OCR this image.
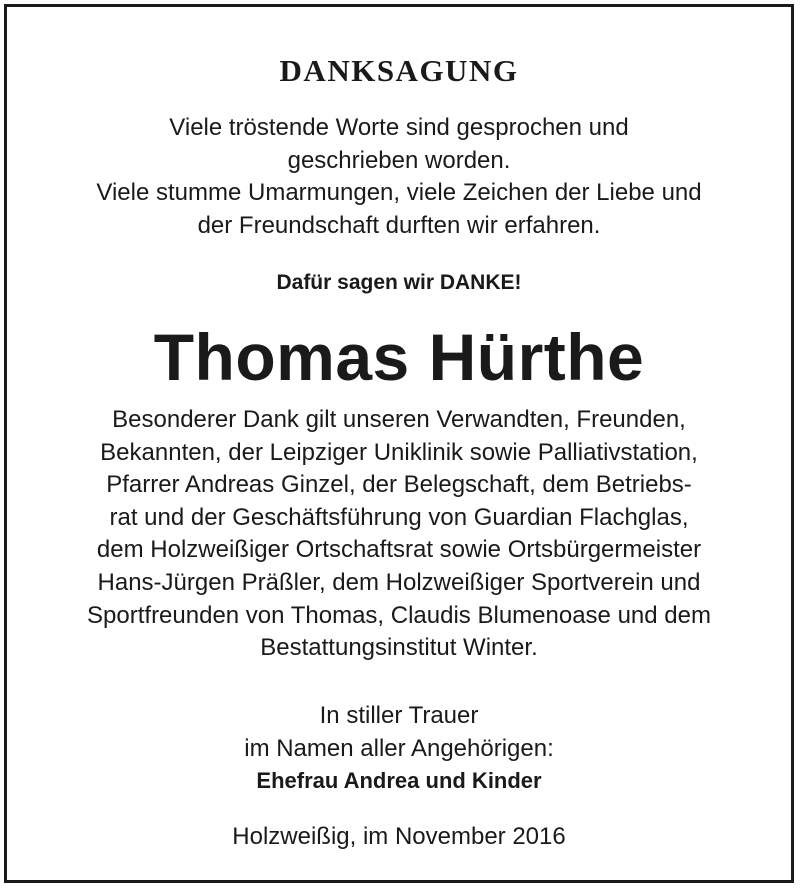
DANKSAGUNG
Viele tröstende Worte sind gesprochen und
geschrieben worden.
Viele stumme Umarmungen, viele Zeichen der Liebe und
der Freundschaft durften wir erfahren.
Dafür sagen wir DANKE!
Thomas Hürthe
Besonderer Dank gilt unseren Verwandten, Freunden,
Bekannten, der Leipziger Uniklinik sowie Palliativstation,
Pfarrer Andreas Ginzel, der Belegschaft, dem Betriebs-
rat und der Geschäftsführung von Guardian Flachglas,
dem Holzweißiger Ortschaftsrat sowie Ortsbürgermeister
Hans-Jürgen Präßler, dem Holzweißiger Sportverein und
Sportfreunden von Thomas, Claudis Blumenoase und dem
Bestattungsinstitut Winter.
In stiller Trauer
im Namen aller Angehörigen:
Ehefrau Andrea und Kinder
Holzweißig, im November 2016
